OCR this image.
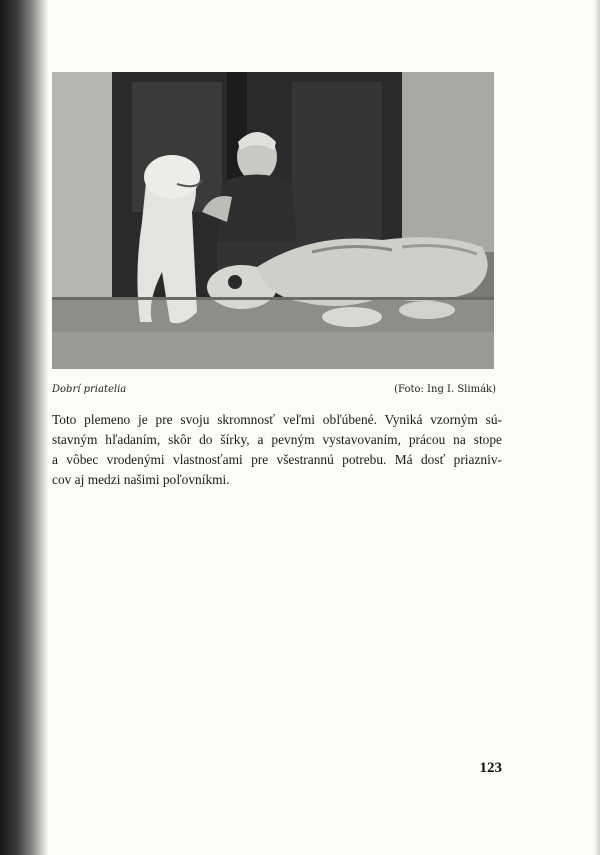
Dobrí priatelia	(Foto: Ing I. Slimák)
Toto plemeno je pre svoju skromnosť veľmi obľúbené. Vyniká vzorným sú-
stavným hľadaním, skôr do šírky, a pevným vystavovaním, prácou na stope
a vôbec vrodenými vlastnosťami pre všestrannú potrebu. Má dosť priazniv-
cov aj medzi našimi poľovníkmi.
123
